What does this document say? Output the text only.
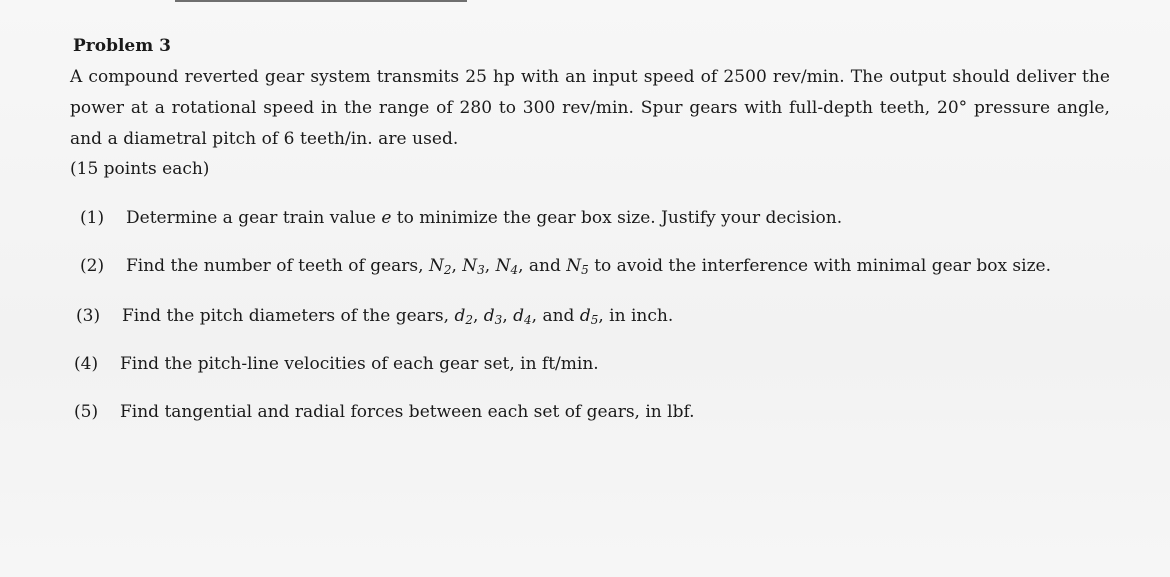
Problem 3

A compound reverted gear system transmits 25 hp with an input speed of 2500 rev/min. The output should deliver the power at a rotational speed in the range of 280 to 300 rev/min. Spur gears with full-depth teeth, 20° pressure angle, and a diametral pitch of 6 teeth/in. are used.

(15 points each)

(1) Determine a gear train value e to minimize the gear box size. Justify your decision.
(2) Find the number of teeth of gears, $N_2$, $N_3$, $N_4$, and $N_5$ to avoid the interference with minimal gear box size.
(3) Find the pitch diameters of the gears, $d_2$, $d_3$, $d_4$, and $d_5$, in inch.
(4) Find the pitch-line velocities of each gear set, in ft/min.
(5) Find tangential and radial forces between each set of gears, in lbf.
